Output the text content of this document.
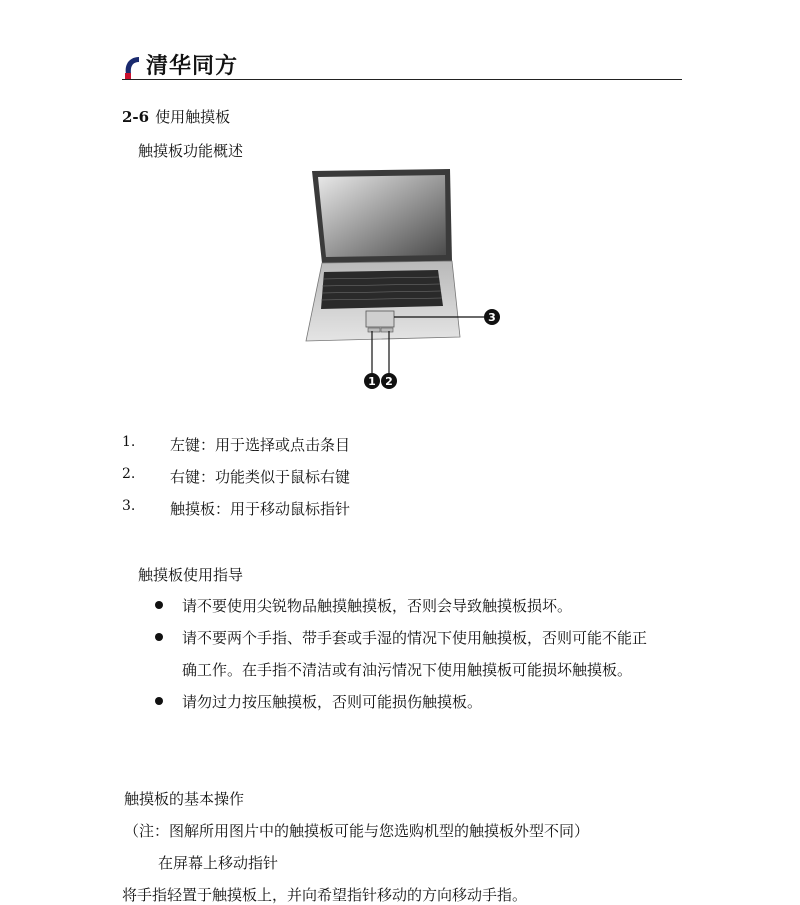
清华同方
2-6 使用触摸板
触摸板功能概述
3
1 2
1. 左键：用于选择或点击条目
2. 右键：功能类似于鼠标右键
3. 触摸板：用于移动鼠标指针
触摸板使用指导
请不要使用尖锐物品触摸触摸板，否则会导致触摸板损坏。
请不要两个手指、带手套或手湿的情况下使用触摸板，否则可能不能正
确工作。在手指不清洁或有油污情况下使用触摸板可能损坏触摸板。
请勿过力按压触摸板，否则可能损伤触摸板。
触摸板的基本操作
（注：图解所用图片中的触摸板可能与您选购机型的触摸板外型不同）
在屏幕上移动指针
将手指轻置于触摸板上，并向希望指针移动的方向移动手指。
